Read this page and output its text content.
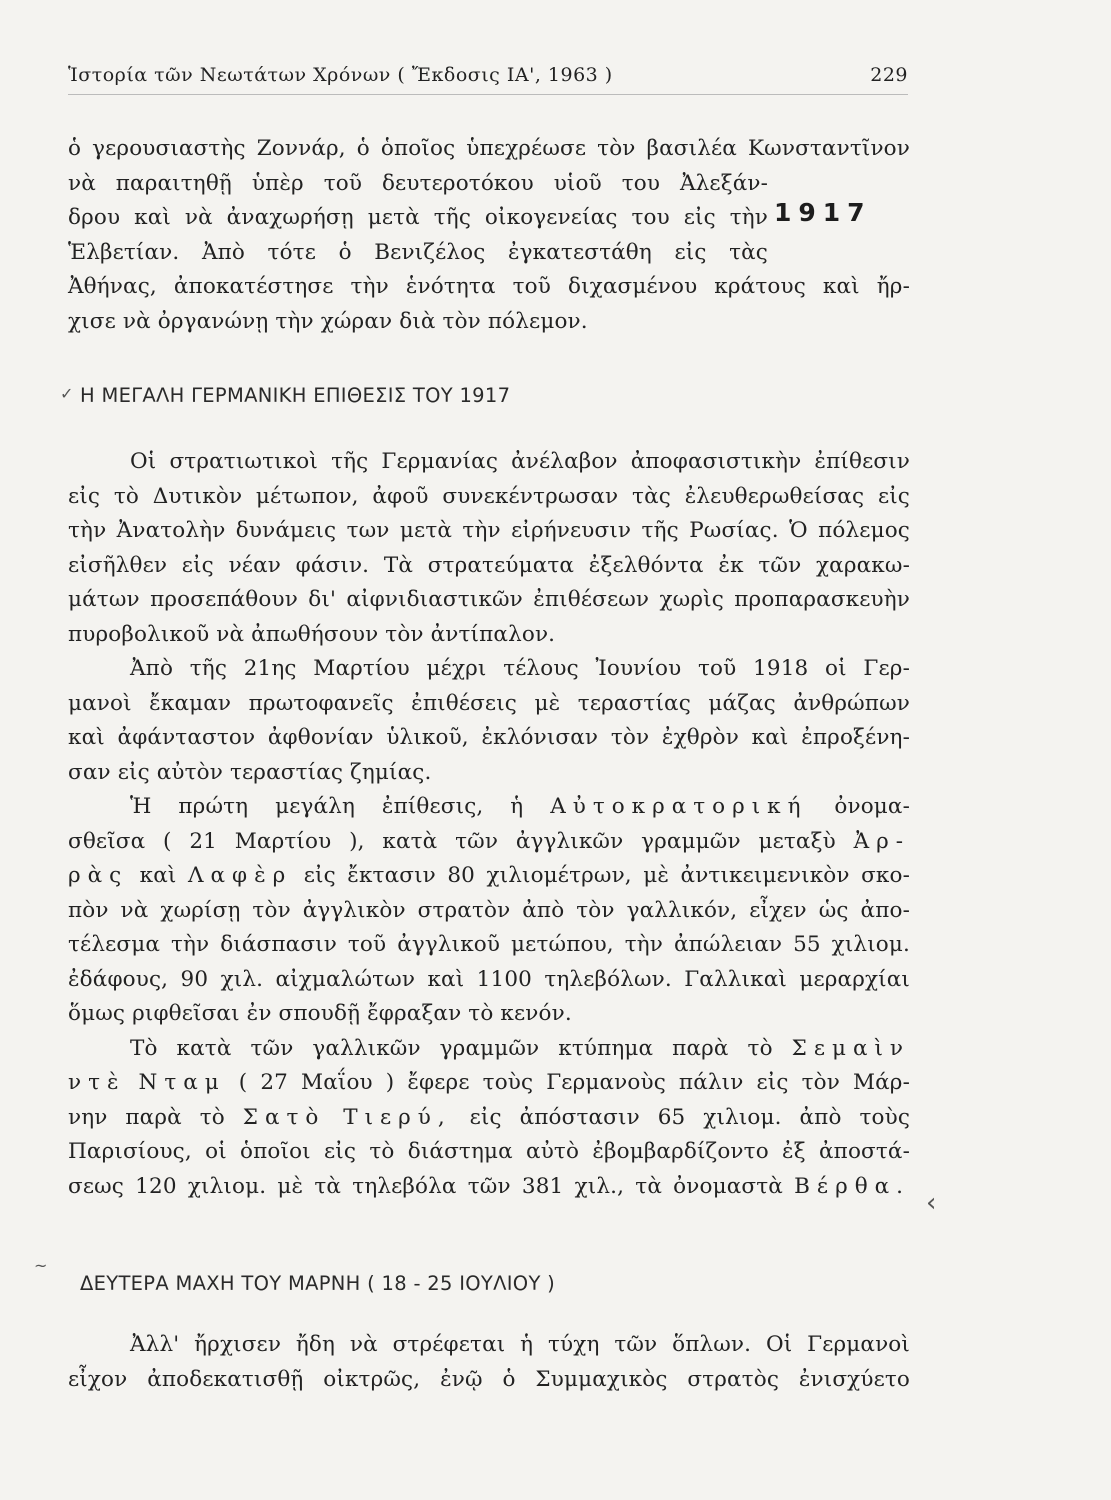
Ἱστορία τῶν Νεωτάτων Χρόνων ( Ἔκδοσις ΙΑ', 1963 )	229
1917
ὁ γερουσιαστὴς Ζοννάρ, ὁ ὁποῖος ὑπεχρέωσε τὸν βασιλέα Κωνσταντῖνον
νὰ παραιτηθῇ ὑπὲρ τοῦ δευτεροτόκου υἱοῦ του Ἀλεξάν-
δρου καὶ νὰ ἀναχωρήσῃ μετὰ τῆς οἰκογενείας του εἰς τὴν
Ἑλβετίαν. Ἀπὸ τότε ὁ Βενιζέλος ἐγκατεστάθη εἰς τὰς
Ἀθήνας, ἀποκατέστησε τὴν ἑνότητα τοῦ διχασμένου κράτους καὶ ἤρ-
χισε νὰ ὀργανώνῃ τὴν χώραν διὰ τὸν πόλεμον.
✓ Η ΜΕΓΑΛΗ ΓΕΡΜΑΝΙΚΗ ΕΠΙΘΕΣΙΣ ΤΟΥ 1917
Οἱ στρατιωτικοὶ τῆς Γερμανίας ἀνέλαβον ἀποφασιστικὴν ἐπίθεσιν
εἰς τὸ Δυτικὸν μέτωπον, ἀφοῦ συνεκέντρωσαν τὰς ἐλευθερωθείσας εἰς
τὴν Ἀνατολὴν δυνάμεις των μετὰ τὴν εἰρήνευσιν τῆς Ρωσίας. Ὁ πόλεμος
εἰσῆλθεν εἰς νέαν φάσιν. Τὰ στρατεύματα ἐξελθόντα ἐκ τῶν χαρακω-
μάτων προσεπάθουν δι' αἰφνιδιαστικῶν ἐπιθέσεων χωρὶς προπαρασκευὴν
πυροβολικοῦ νὰ ἀπωθήσουν τὸν ἀντίπαλον.
Ἀπὸ τῆς 21ης Μαρτίου μέχρι τέλους Ἰουνίου τοῦ 1918 οἱ Γερ-
μανοὶ ἔκαμαν πρωτοφανεῖς ἐπιθέσεις μὲ τεραστίας μάζας ἀνθρώπων
καὶ ἀφάνταστον ἀφθονίαν ὑλικοῦ, ἐκλόνισαν τὸν ἐχθρὸν καὶ ἐπροξένη-
σαν εἰς αὐτὸν τεραστίας ζημίας.
Ἡ πρώτη μεγάλη ἐπίθεσις, ἡ Αὐτοκρατορική ὀνομα-
σθεῖσα ( 21 Μαρτίου ), κατὰ τῶν ἀγγλικῶν γραμμῶν μεταξὺ Ἀρ-
ρὰς καὶ Λαφὲρ εἰς ἔκτασιν 80 χιλιομέτρων, μὲ ἀντικειμενικὸν σκο-
πὸν νὰ χωρίσῃ τὸν ἀγγλικὸν στρατὸν ἀπὸ τὸν γαλλικόν, εἶχεν ὡς ἀπο-
τέλεσμα τὴν διάσπασιν τοῦ ἀγγλικοῦ μετώπου, τὴν ἀπώλειαν 55 χιλιομ.
ἐδάφους, 90 χιλ. αἰχμαλώτων καὶ 1100 τηλεβόλων. Γαλλικαὶ μεραρχίαι
ὅμως ριφθεῖσαι ἐν σπουδῇ ἔφραξαν τὸ κενόν.
Τὸ κατὰ τῶν γαλλικῶν γραμμῶν κτύπημα παρὰ τὸ Σεμαὶν
ντὲ Νταμ ( 27 Μαΐου ) ἔφερε τοὺς Γερμανοὺς πάλιν εἰς τὸν Μάρ-
νην παρὰ τὸ Σατὸ Τιερύ, εἰς ἀπόστασιν 65 χιλιομ. ἀπὸ τοὺς
Παρισίους, οἱ ὁποῖοι εἰς τὸ διάστημα αὐτὸ ἐβομβαρδίζοντο ἐξ ἀποστά-
σεως 120 χιλιομ. μὲ τὰ τηλεβόλα τῶν 381 χιλ., τὰ ὀνομαστὰ Βέρθα.
‹
~
ΔΕΥΤΕΡΑ ΜΑΧΗ ΤΟΥ ΜΑΡΝΗ ( 18 - 25 ΙΟΥΛΙΟΥ )
Ἀλλ' ἤρχισεν ἤδη νὰ στρέφεται ἡ τύχη τῶν ὅπλων. Οἱ Γερμανοὶ
εἶχον ἀποδεκατισθῇ οἰκτρῶς, ἐνῷ ὁ Συμμαχικὸς στρατὸς ἐνισχύετο
